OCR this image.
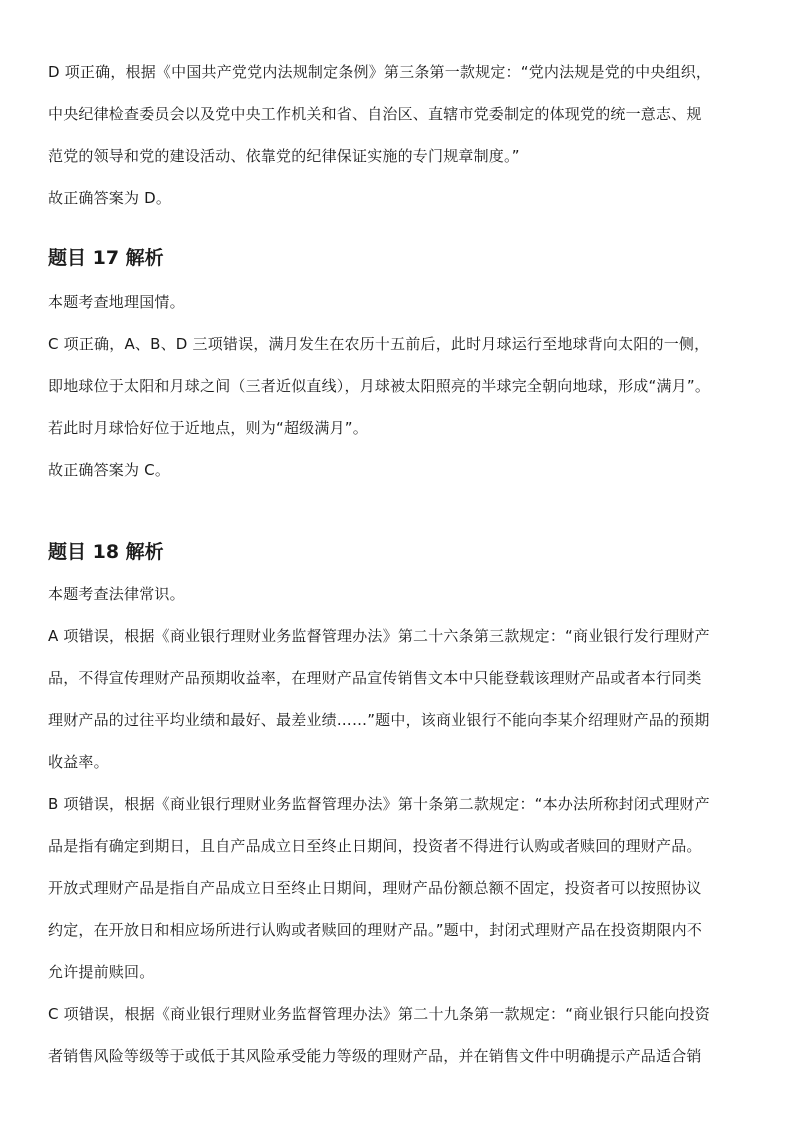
D 项正确，根据《中国共产党党内法规制定条例》第三条第一款规定：“党内法规是党的中央组织，
中央纪律检查委员会以及党中央工作机关和省、自治区、直辖市党委制定的体现党的统一意志、规
范党的领导和党的建设活动、依靠党的纪律保证实施的专门规章制度。”
故正确答案为 D。
题目 17 解析
本题考查地理国情。
C 项正确，A、B、D 三项错误，满月发生在农历十五前后，此时月球运行至地球背向太阳的一侧，
即地球位于太阳和月球之间（三者近似直线），月球被太阳照亮的半球完全朝向地球，形成“满月”。
若此时月球恰好位于近地点，则为“超级满月”。
故正确答案为 C。
题目 18 解析
本题考查法律常识。
A 项错误，根据《商业银行理财业务监督管理办法》第二十六条第三款规定：“商业银行发行理财产
品，不得宣传理财产品预期收益率，在理财产品宣传销售文本中只能登载该理财产品或者本行同类
理财产品的过往平均业绩和最好、最差业绩……”题中，该商业银行不能向李某介绍理财产品的预期
收益率。
B 项错误，根据《商业银行理财业务监督管理办法》第十条第二款规定：“本办法所称封闭式理财产
品是指有确定到期日，且自产品成立日至终止日期间，投资者不得进行认购或者赎回的理财产品。
开放式理财产品是指自产品成立日至终止日期间，理财产品份额总额不固定，投资者可以按照协议
约定，在开放日和相应场所进行认购或者赎回的理财产品。”题中，封闭式理财产品在投资期限内不
允许提前赎回。
C 项错误，根据《商业银行理财业务监督管理办法》第二十九条第一款规定：“商业银行只能向投资
者销售风险等级等于或低于其风险承受能力等级的理财产品，并在销售文件中明确提示产品适合销
